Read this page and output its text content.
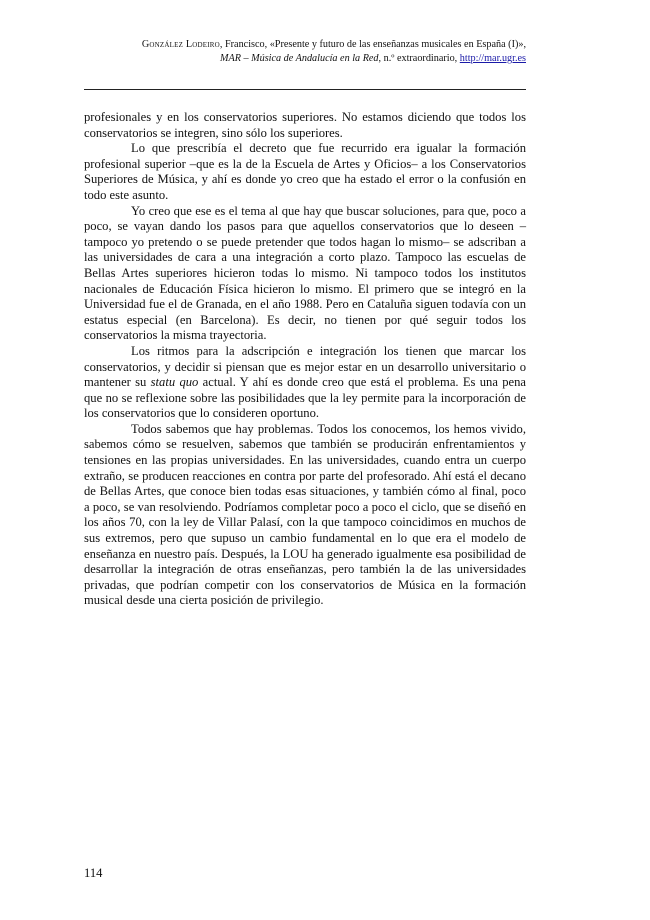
González Lodeiro, Francisco, «Presente y futuro de las enseñanzas musicales en España (I)»,
MAR – Música de Andalucía en la Red, n.º extraordinario, http://mar.ugr.es

profesionales y en los conservatorios superiores. No estamos diciendo que todos los conservatorios se integren, sino sólo los superiores.

Lo que prescribía el decreto que fue recurrido era igualar la formación profesional superior –que es la de la Escuela de Artes y Oficios– a los Conservatorios Superiores de Música, y ahí es donde yo creo que ha estado el error o la confusión en todo este asunto.

Yo creo que ese es el tema al que hay que buscar soluciones, para que, poco a poco, se vayan dando los pasos para que aquellos conservatorios que lo deseen –tampoco yo pretendo o se puede pretender que todos hagan lo mismo– se adscriban a las universidades de cara a una integración a corto plazo. Tampoco las escuelas de Bellas Artes superiores hicieron todas lo mismo. Ni tampoco todos los institutos nacionales de Educación Física hicieron lo mismo. El primero que se integró en la Universidad fue el de Granada, en el año 1988. Pero en Cataluña siguen todavía con un estatus especial (en Barcelona). Es decir, no tienen por qué seguir todos los conservatorios la misma trayectoria.

Los ritmos para la adscripción e integración los tienen que marcar los conservatorios, y decidir si piensan que es mejor estar en un desarrollo universitario o mantener su statu quo actual. Y ahí es donde creo que está el problema. Es una pena que no se reflexione sobre las posibilidades que la ley permite para la incorporación de los conservatorios que lo consideren oportuno.

Todos sabemos que hay problemas. Todos los conocemos, los hemos vivido, sabemos cómo se resuelven, sabemos que también se producirán enfrentamientos y tensiones en las propias universidades. En las universidades, cuando entra un cuerpo extraño, se producen reacciones en contra por parte del profesorado. Ahí está el decano de Bellas Artes, que conoce bien todas esas situaciones, y también cómo al final, poco a poco, se van resolviendo. Podríamos completar poco a poco el ciclo, que se diseñó en los años 70, con la ley de Villar Palasí, con la que tampoco coincidimos en muchos de sus extremos, pero que supuso un cambio fundamental en lo que era el modelo de enseñanza en nuestro país. Después, la LOU ha generado igualmente esa posibilidad de desarrollar la integración de otras enseñanzas, pero también la de las universidades privadas, que podrían competir con los conservatorios de Música en la formación musical desde una cierta posición de privilegio.

114
